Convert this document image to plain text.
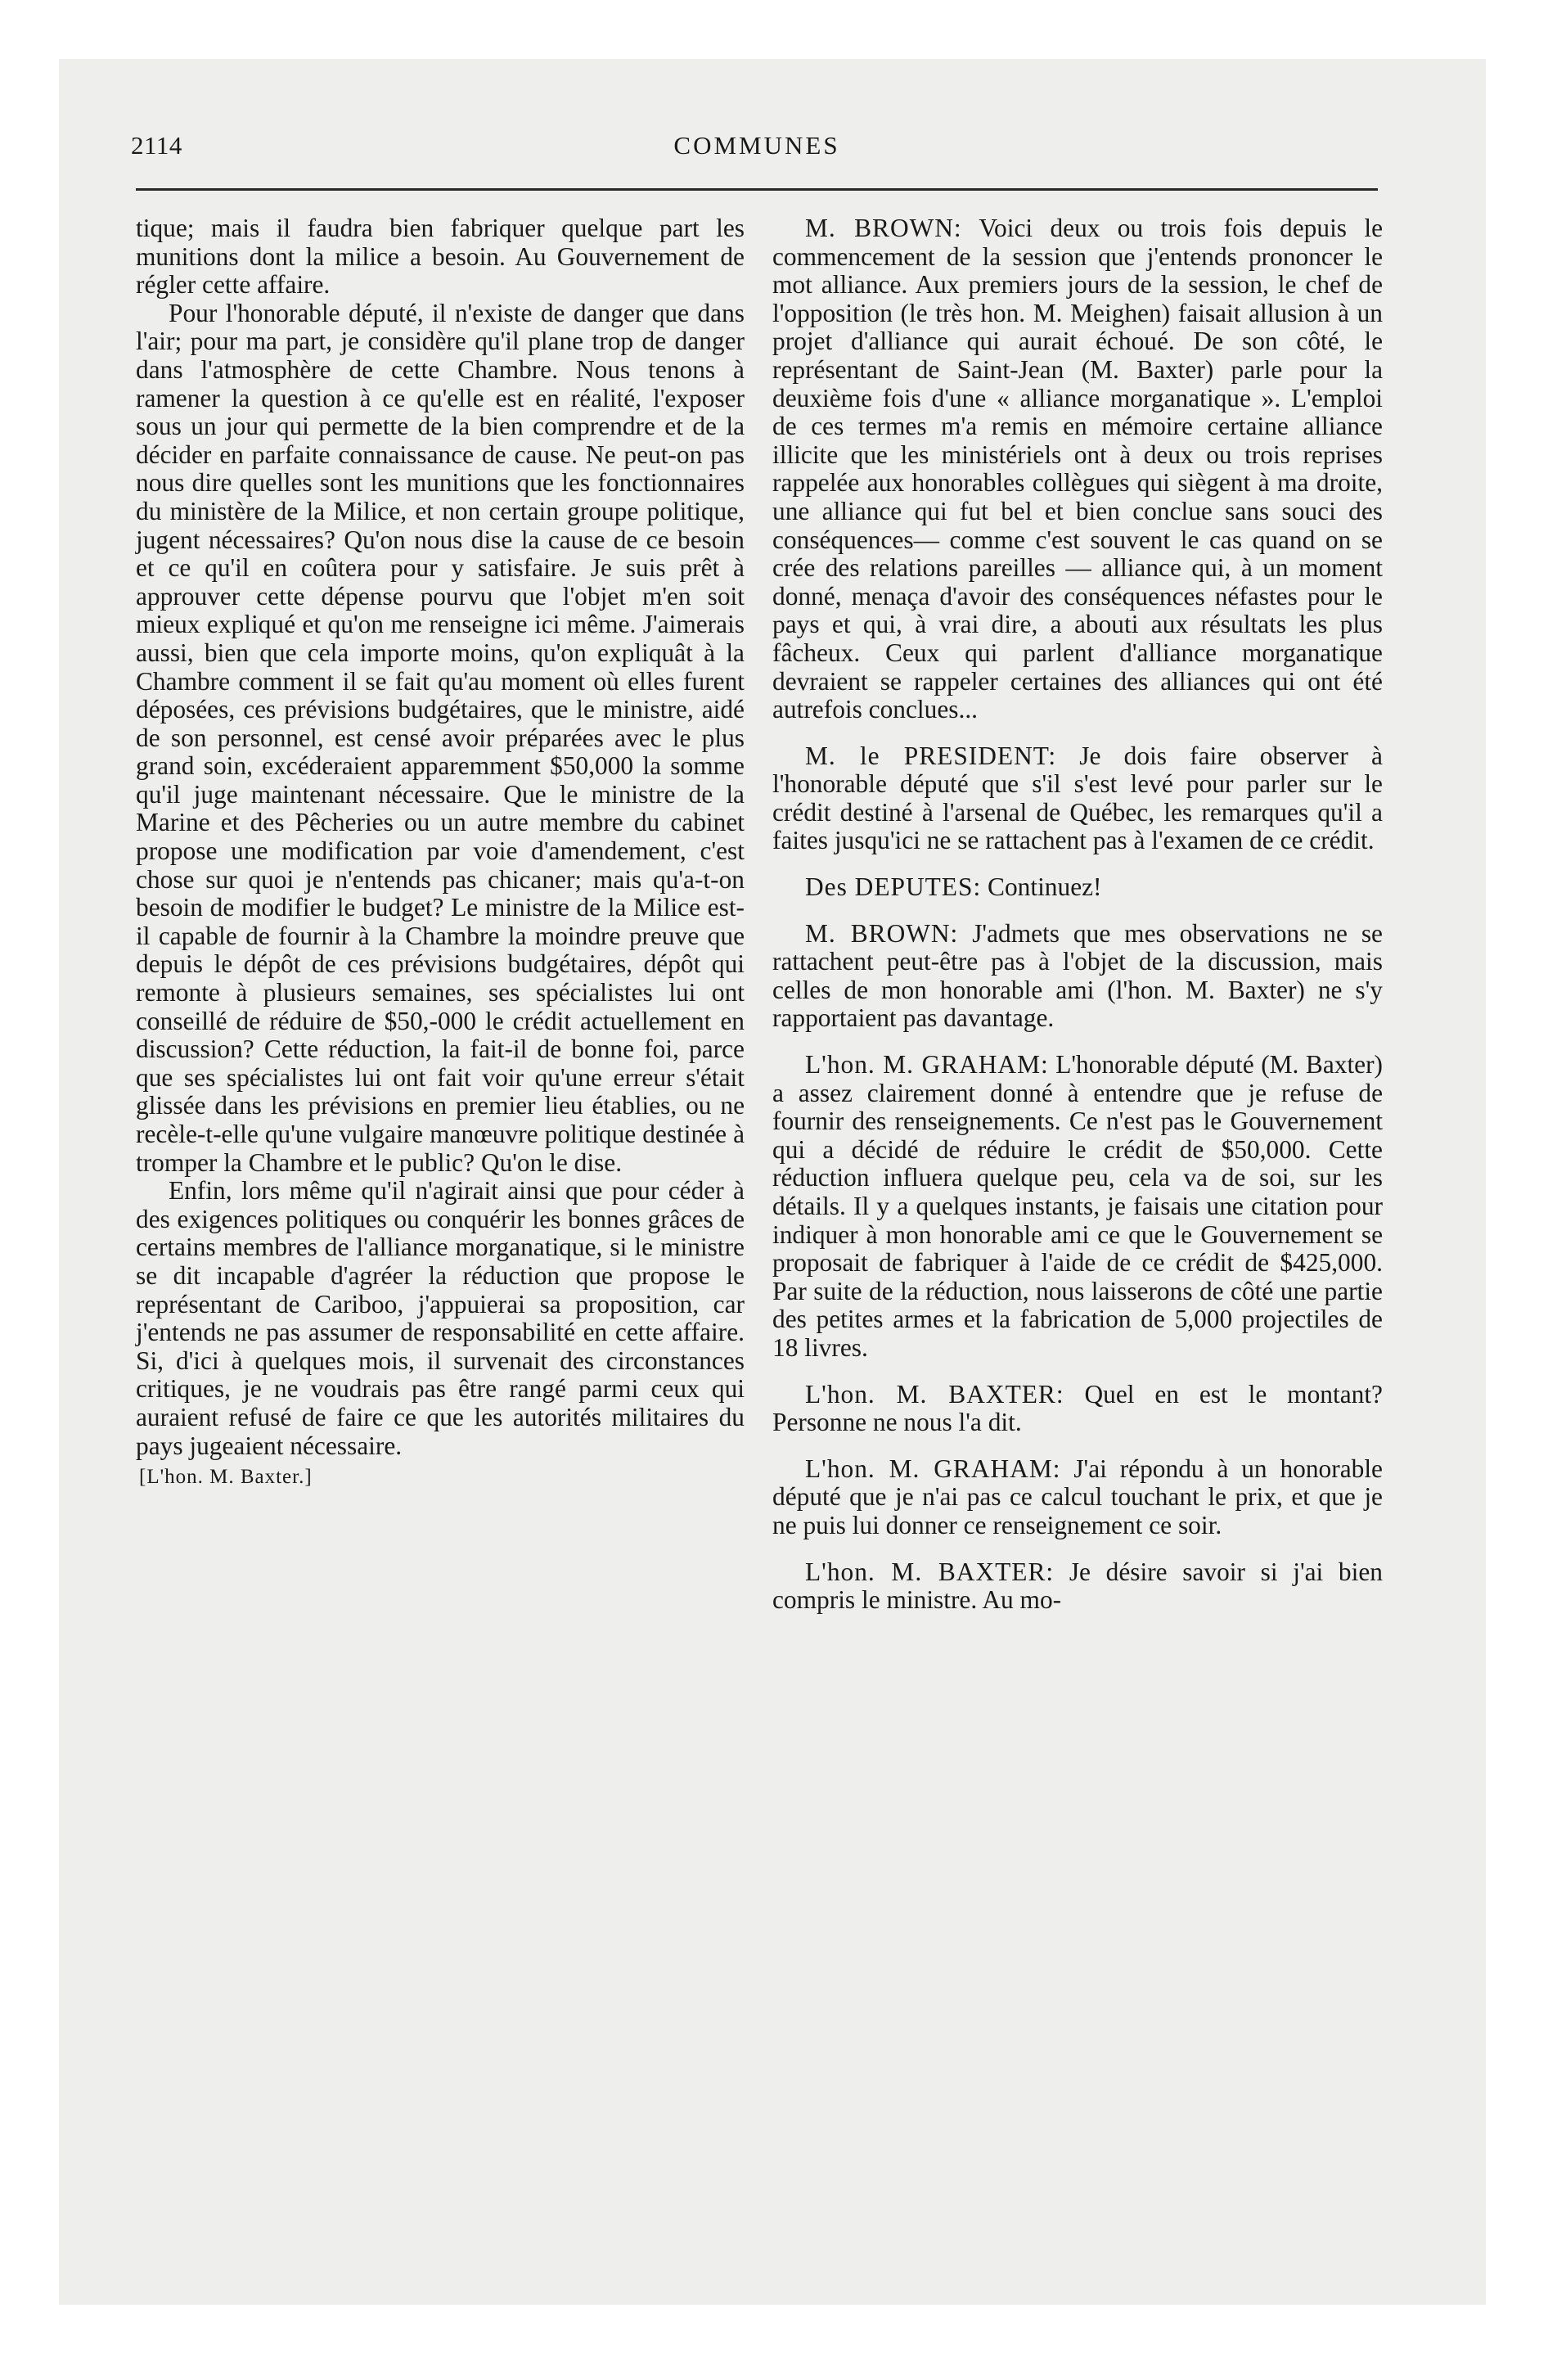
2114	COMMUNES

tique; mais il faudra bien fabriquer quelque part les munitions dont la milice a besoin. Au Gouvernement de régler cette affaire.

Pour l'honorable député, il n'existe de danger que dans l'air; pour ma part, je considère qu'il plane trop de danger dans l'atmosphère de cette Chambre. Nous tenons à ramener la question à ce qu'elle est en réalité, l'exposer sous un jour qui permette de la bien comprendre et de la décider en parfaite connaissance de cause. Ne peut-on pas nous dire quelles sont les munitions que les fonctionnaires du ministère de la Milice, et non certain groupe politique, jugent nécessaires? Qu'on nous dise la cause de ce besoin et ce qu'il en coûtera pour y satisfaire. Je suis prêt à approuver cette dépense pourvu que l'objet m'en soit mieux expliqué et qu'on me renseigne ici même. J'aimerais aussi, bien que cela importe moins, qu'on expliquât à la Chambre comment il se fait qu'au moment où elles furent déposées, ces prévisions budgétaires, que le ministre, aidé de son personnel, est censé avoir préparées avec le plus grand soin, excéderaient apparemment $50,000 la somme qu'il juge maintenant nécessaire. Que le ministre de la Marine et des Pêcheries ou un autre membre du cabinet propose une modification par voie d'amendement, c'est chose sur quoi je n'entends pas chicaner; mais qu'a-t-on besoin de modifier le budget? Le ministre de la Milice est-il capable de fournir à la Chambre la moindre preuve que depuis le dépôt de ces prévisions budgétaires, dépôt qui remonte à plusieurs semaines, ses spécialistes lui ont conseillé de réduire de $50,-000 le crédit actuellement en discussion? Cette réduction, la fait-il de bonne foi, parce que ses spécialistes lui ont fait voir qu'une erreur s'était glissée dans les prévisions en premier lieu établies, ou ne recèle-t-elle qu'une vulgaire manœuvre politique destinée à tromper la Chambre et le public? Qu'on le dise.

Enfin, lors même qu'il n'agirait ainsi que pour céder à des exigences politiques ou conquérir les bonnes grâces de certains membres de l'alliance morganatique, si le ministre se dit incapable d'agréer la réduction que propose le représentant de Cariboo, j'appuierai sa proposition, car j'entends ne pas assumer de responsabilité en cette affaire. Si, d'ici à quelques mois, il survenait des circonstances critiques, je ne voudrais pas être rangé parmi ceux qui auraient refusé de faire ce que les autorités militaires du pays jugeaient nécessaire.

[L'hon. M. Baxter.]

M. BROWN: Voici deux ou trois fois depuis le commencement de la session que j'entends prononcer le mot alliance. Aux premiers jours de la session, le chef de l'opposition (le très hon. M. Meighen) faisait allusion à un projet d'alliance qui aurait échoué. De son côté, le représentant de Saint-Jean (M. Baxter) parle pour la deuxième fois d'une « alliance morganatique ». L'emploi de ces termes m'a remis en mémoire certaine alliance illicite que les ministériels ont à deux ou trois reprises rappelée aux honorables collègues qui siègent à ma droite, une alliance qui fut bel et bien conclue sans souci des conséquences— comme c'est souvent le cas quand on se crée des relations pareilles — alliance qui, à un moment donné, menaça d'avoir des conséquences néfastes pour le pays et qui, à vrai dire, a abouti aux résultats les plus fâcheux. Ceux qui parlent d'alliance morganatique devraient se rappeler certaines des alliances qui ont été autrefois conclues...

M. le PRESIDENT: Je dois faire observer à l'honorable député que s'il s'est levé pour parler sur le crédit destiné à l'arsenal de Québec, les remarques qu'il a faites jusqu'ici ne se rattachent pas à l'examen de ce crédit.

Des DEPUTES: Continuez!

M. BROWN: J'admets que mes observations ne se rattachent peut-être pas à l'objet de la discussion, mais celles de mon honorable ami (l'hon. M. Baxter) ne s'y rapportaient pas davantage.

L'hon. M. GRAHAM: L'honorable député (M. Baxter) a assez clairement donné à entendre que je refuse de fournir des renseignements. Ce n'est pas le Gouvernement qui a décidé de réduire le crédit de $50,000. Cette réduction influera quelque peu, cela va de soi, sur les détails. Il y a quelques instants, je faisais une citation pour indiquer à mon honorable ami ce que le Gouvernement se proposait de fabriquer à l'aide de ce crédit de $425,000. Par suite de la réduction, nous laisserons de côté une partie des petites armes et la fabrication de 5,000 projectiles de 18 livres.

L'hon. M. BAXTER: Quel en est le montant? Personne ne nous l'a dit.

L'hon. M. GRAHAM: J'ai répondu à un honorable député que je n'ai pas ce calcul touchant le prix, et que je ne puis lui donner ce renseignement ce soir.

L'hon. M. BAXTER: Je désire savoir si j'ai bien compris le ministre. Au mo-
